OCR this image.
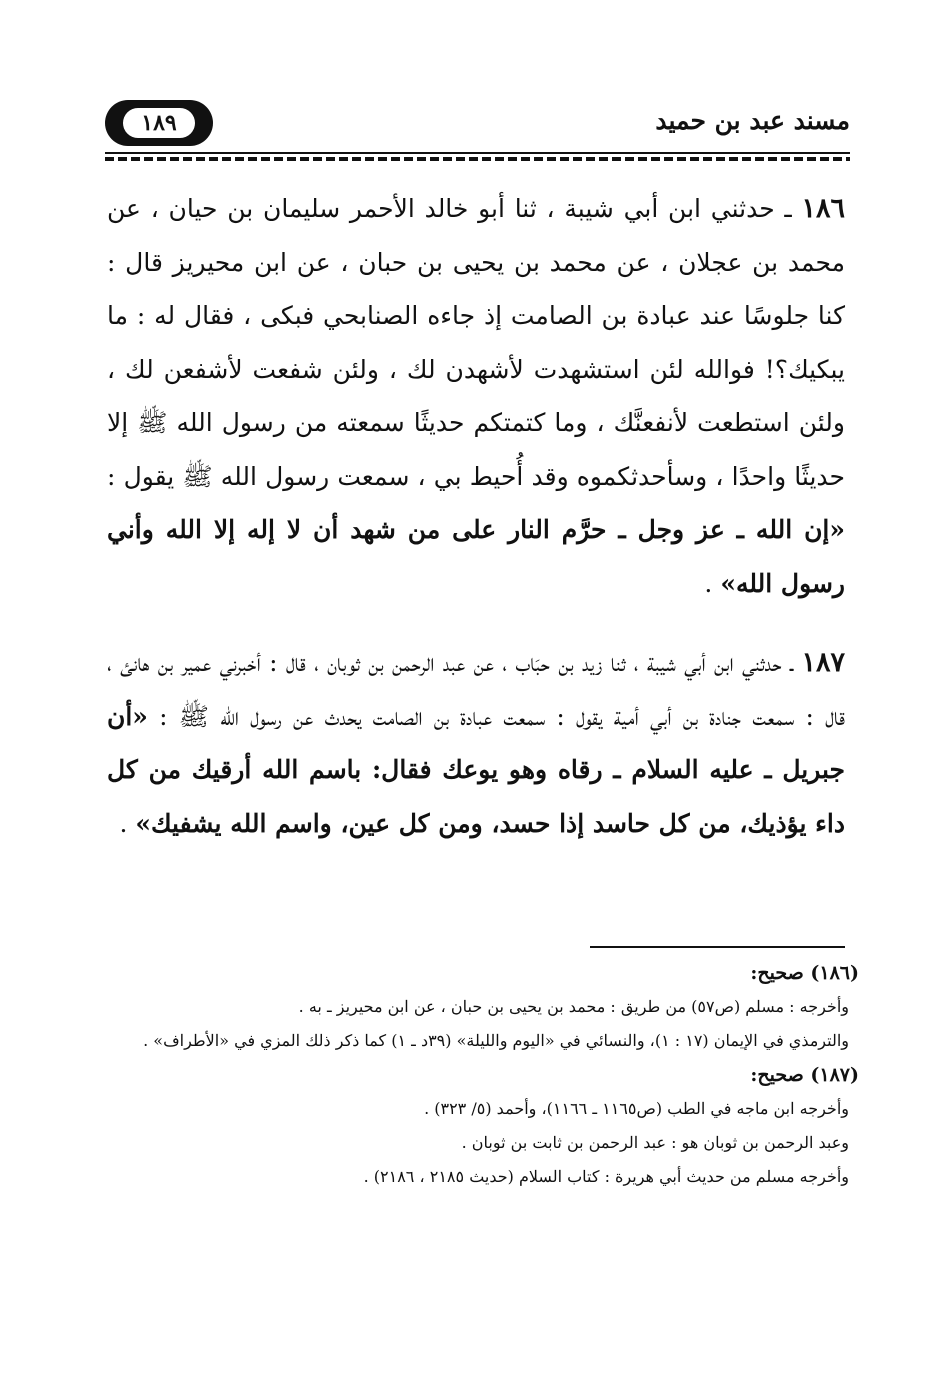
مسند عبد بن حميد
١٨٩

١٨٦ ـ حدثني ابن أبي شيبة ، ثنا أبو خالد الأحمر سليمان بن حيان ، عن محمد بن عجلان ، عن محمد بن يحيى بن حبان ، عن ابن محيريز قال : كنا جلوسًا عند عبادة بن الصامت إذ جاءه الصنابحي فبكى ، فقال له : ما يبكيك؟! فوالله لئن استشهدت لأشهدن لك ، ولئن شفعت لأشفعن لك ، ولئن استطعت لأنفعنَّك ، وما كتمتكم حديثًا سمعته من رسول الله ﷺ إلا حديثًا واحدًا ، وسأحدثكموه وقد أُحيط بي ، سمعت رسول الله ﷺ يقول : «إن الله ـ عز وجل ـ حرَّم النار على من شهد أن لا إله إلا الله وأني رسول الله» .

١٨٧ ـ حدثني ابن أبي شيبة ، ثنا زيد بن حبَاب ، عن عبد الرحمن بن ثوبان ، قال : أخبرني عمير بن هانئ ، قال : سمعت جنادة بن أبي أمية يقول : سمعت عبادة بن الصامت يحدث عن رسول الله ﷺ : «أن جبريل ـ عليه السلام ـ رقاه وهو يوعك فقال: باسم الله أرقيك من كل داء يؤذيك، من كل حاسد إذا حسد، ومن كل عين، واسم الله يشفيك» .

(١٨٦) صحيح:

وأخرجه : مسلم (ص٥٧) من طريق : محمد بن يحيى بن حبان ، عن ابن محيريز ـ به .

والترمذي في الإيمان (١٧ : ١)، والنسائي في «اليوم والليلة» (٣٩د ـ ١) كما ذكر ذلك المزي في «الأطراف» .

(١٨٧) صحيح:

وأخرجه ابن ماجه في الطب (ص١١٦٥ ـ ١١٦٦)، وأحمد (٥/ ٣٢٣) .

وعبد الرحمن بن ثوبان هو : عبد الرحمن بن ثابت بن ثوبان .

وأخرجه مسلم من حديث أبي هريرة : كتاب السلام (حديث ٢١٨٥ ، ٢١٨٦) .
